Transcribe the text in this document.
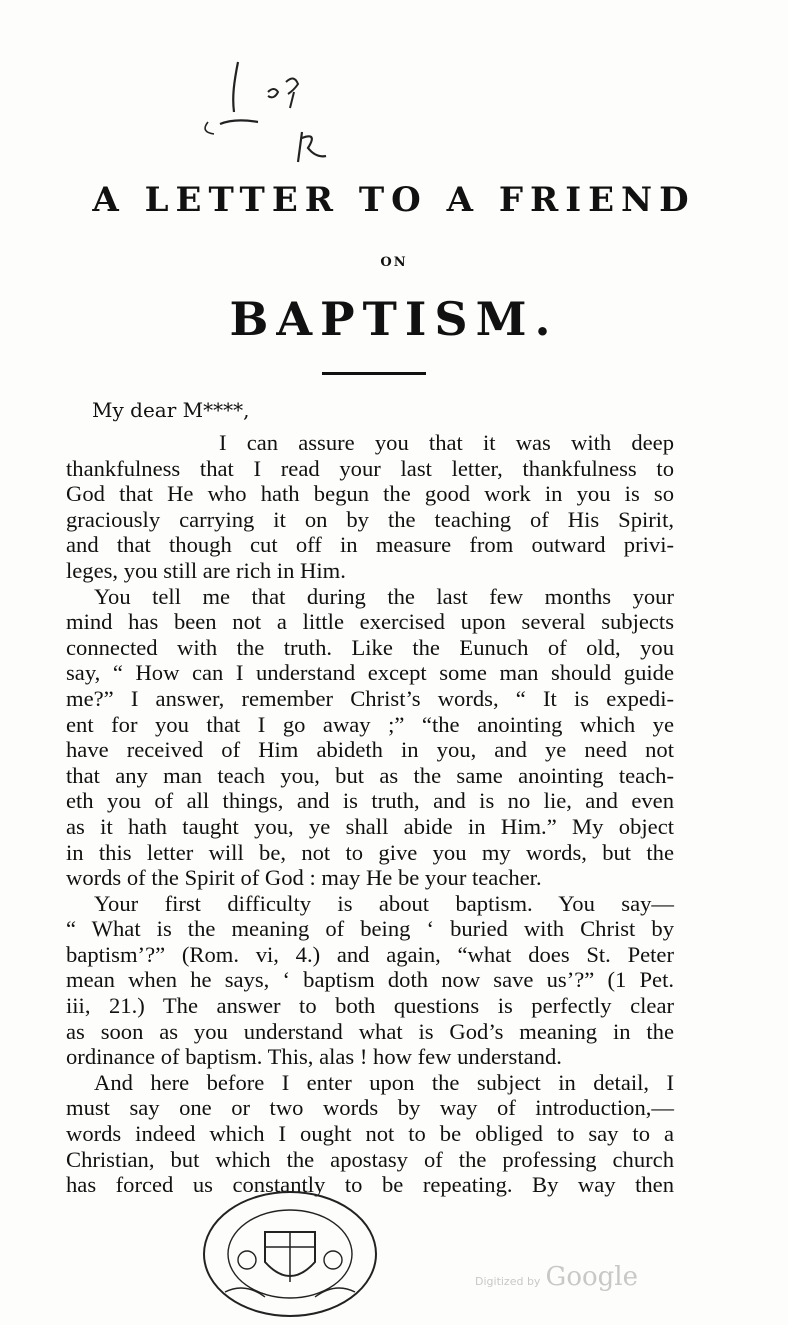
A LETTER TO A FRIEND
ON
BAPTISM.
My dear M****,
I can assure you that it was with deep
thankfulness that I read your last letter, thankfulness to
God that He who hath begun the good work in you is so
graciously carrying it on by the teaching of His Spirit,
and that though cut off in measure from outward privi-
leges, you still are rich in Him.
You tell me that during the last few months your
mind has been not a little exercised upon several subjects
connected with the truth. Like the Eunuch of old, you
say, “ How can I understand except some man should guide
me?” I answer, remember Christ’s words, “ It is expedi-
ent for you that I go away ;” “the anointing which ye
have received of Him abideth in you, and ye need not
that any man teach you, but as the same anointing teach-
eth you of all things, and is truth, and is no lie, and even
as it hath taught you, ye shall abide in Him.” My object
in this letter will be, not to give you my words, but the
words of the Spirit of God : may He be your teacher.
Your first difficulty is about baptism. You say—
“ What is the meaning of being ‘ buried with Christ by
baptism’?” (Rom. vi, 4.) and again, “what does St. Peter
mean when he says, ‘ baptism doth now save us’?” (1 Pet.
iii, 21.) The answer to both questions is perfectly clear
as soon as you understand what is God’s meaning in the
ordinance of baptism. This, alas ! how few understand.
And here before I enter upon the subject in detail, I
must say one or two words by way of introduction,—
words indeed which I ought not to be obliged to say to a
Christian, but which the apostasy of the professing church
has forced us constantly to be repeating. By way then
Digitized by Google
